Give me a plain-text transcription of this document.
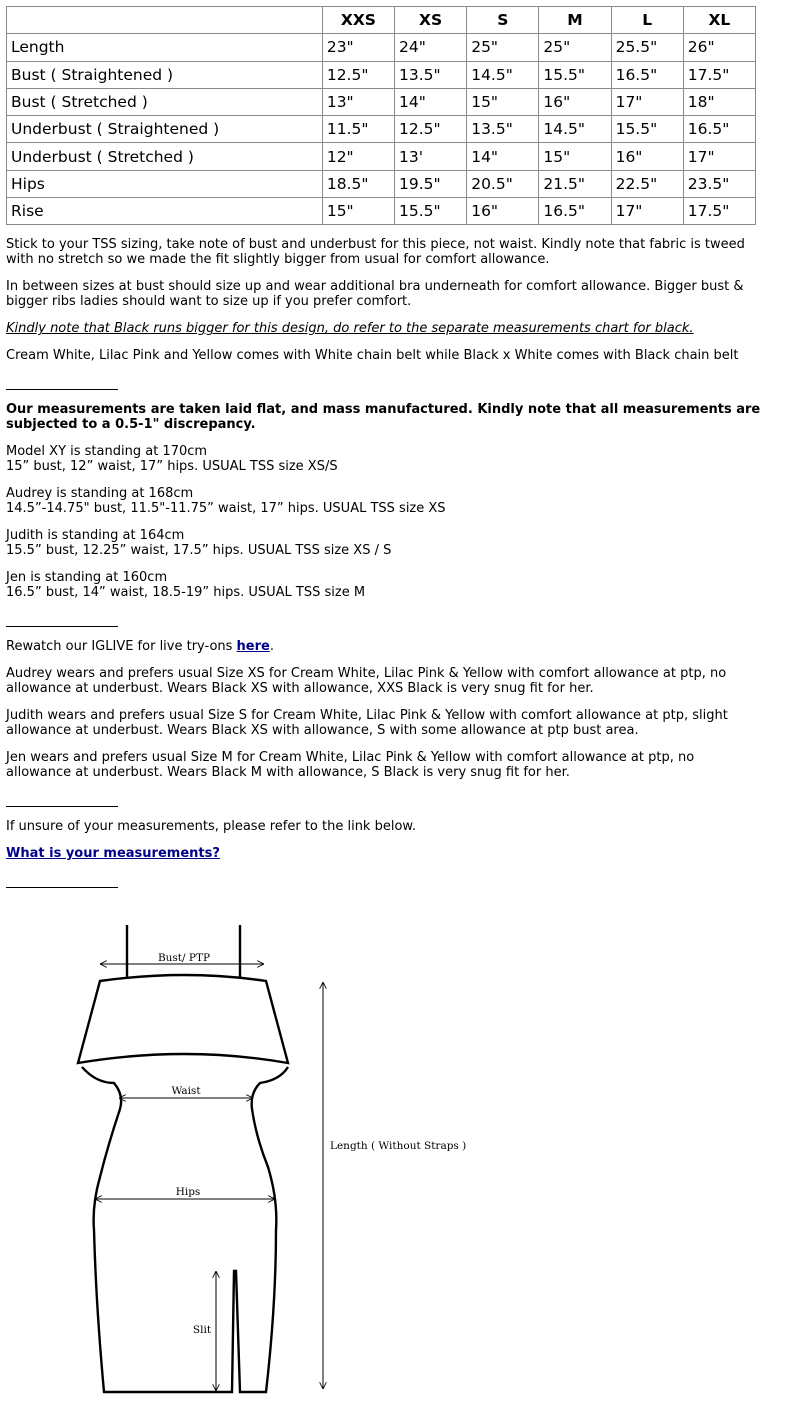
	XXS	XS	S	M	L	XL
Length	23"	24"	25"	25"	25.5"	26"
Bust ( Straightened )	12.5"	13.5"	14.5"	15.5"	16.5"	17.5"
Bust ( Stretched )	13"	14"	15"	16"	17"	18"
Underbust ( Straightened )	11.5"	12.5"	13.5"	14.5"	15.5"	16.5"
Underbust ( Stretched )	12"	13'	14"	15"	16"	17"
Hips	18.5"	19.5"	20.5"	21.5"	22.5"	23.5"
Rise	15"	15.5"	16"	16.5"	17"	17.5"

Stick to your TSS sizing, take note of bust and underbust for this piece, not waist. Kindly note that fabric is tweed with no stretch so we made the fit slightly bigger from usual for comfort allowance.

In between sizes at bust should size up and wear additional bra underneath for comfort allowance. Bigger bust & bigger ribs ladies should want to size up if you prefer comfort.

Kindly note that Black runs bigger for this design, do refer to the separate measurements chart for black.

Cream White, Lilac Pink and Yellow comes with White chain belt while Black x White comes with Black chain belt

Our measurements are taken laid flat, and mass manufactured. Kindly note that all measurements are subjected to a 0.5-1" discrepancy.

Model XY is standing at 170cm
15” bust, 12” waist, 17” hips. USUAL TSS size XS/S

Audrey is standing at 168cm
14.5”-14.75" bust, 11.5"-11.75” waist, 17” hips. USUAL TSS size XS

Judith is standing at 164cm
15.5” bust, 12.25” waist, 17.5” hips. USUAL TSS size XS / S

Jen is standing at 160cm
16.5” bust, 14” waist, 18.5-19” hips. USUAL TSS size M

Rewatch our IGLIVE for live try-ons here.

Audrey wears and prefers usual Size XS for Cream White, Lilac Pink & Yellow with comfort allowance at ptp, no allowance at underbust. Wears Black XS with allowance, XXS Black is very snug fit for her.

Judith wears and prefers usual Size S for Cream White, Lilac Pink & Yellow with comfort allowance at ptp, slight allowance at underbust. Wears Black XS with allowance, S with some allowance at ptp bust area.

Jen wears and prefers usual Size M for Cream White, Lilac Pink & Yellow with comfort allowance at ptp, no allowance at underbust. Wears Black M with allowance, S Black is very snug fit for her.

If unsure of your measurements, please refer to the link below.

What is your measurements?

Bust/ PTP
Waist
Hips
Slit
Length ( Without Straps )
